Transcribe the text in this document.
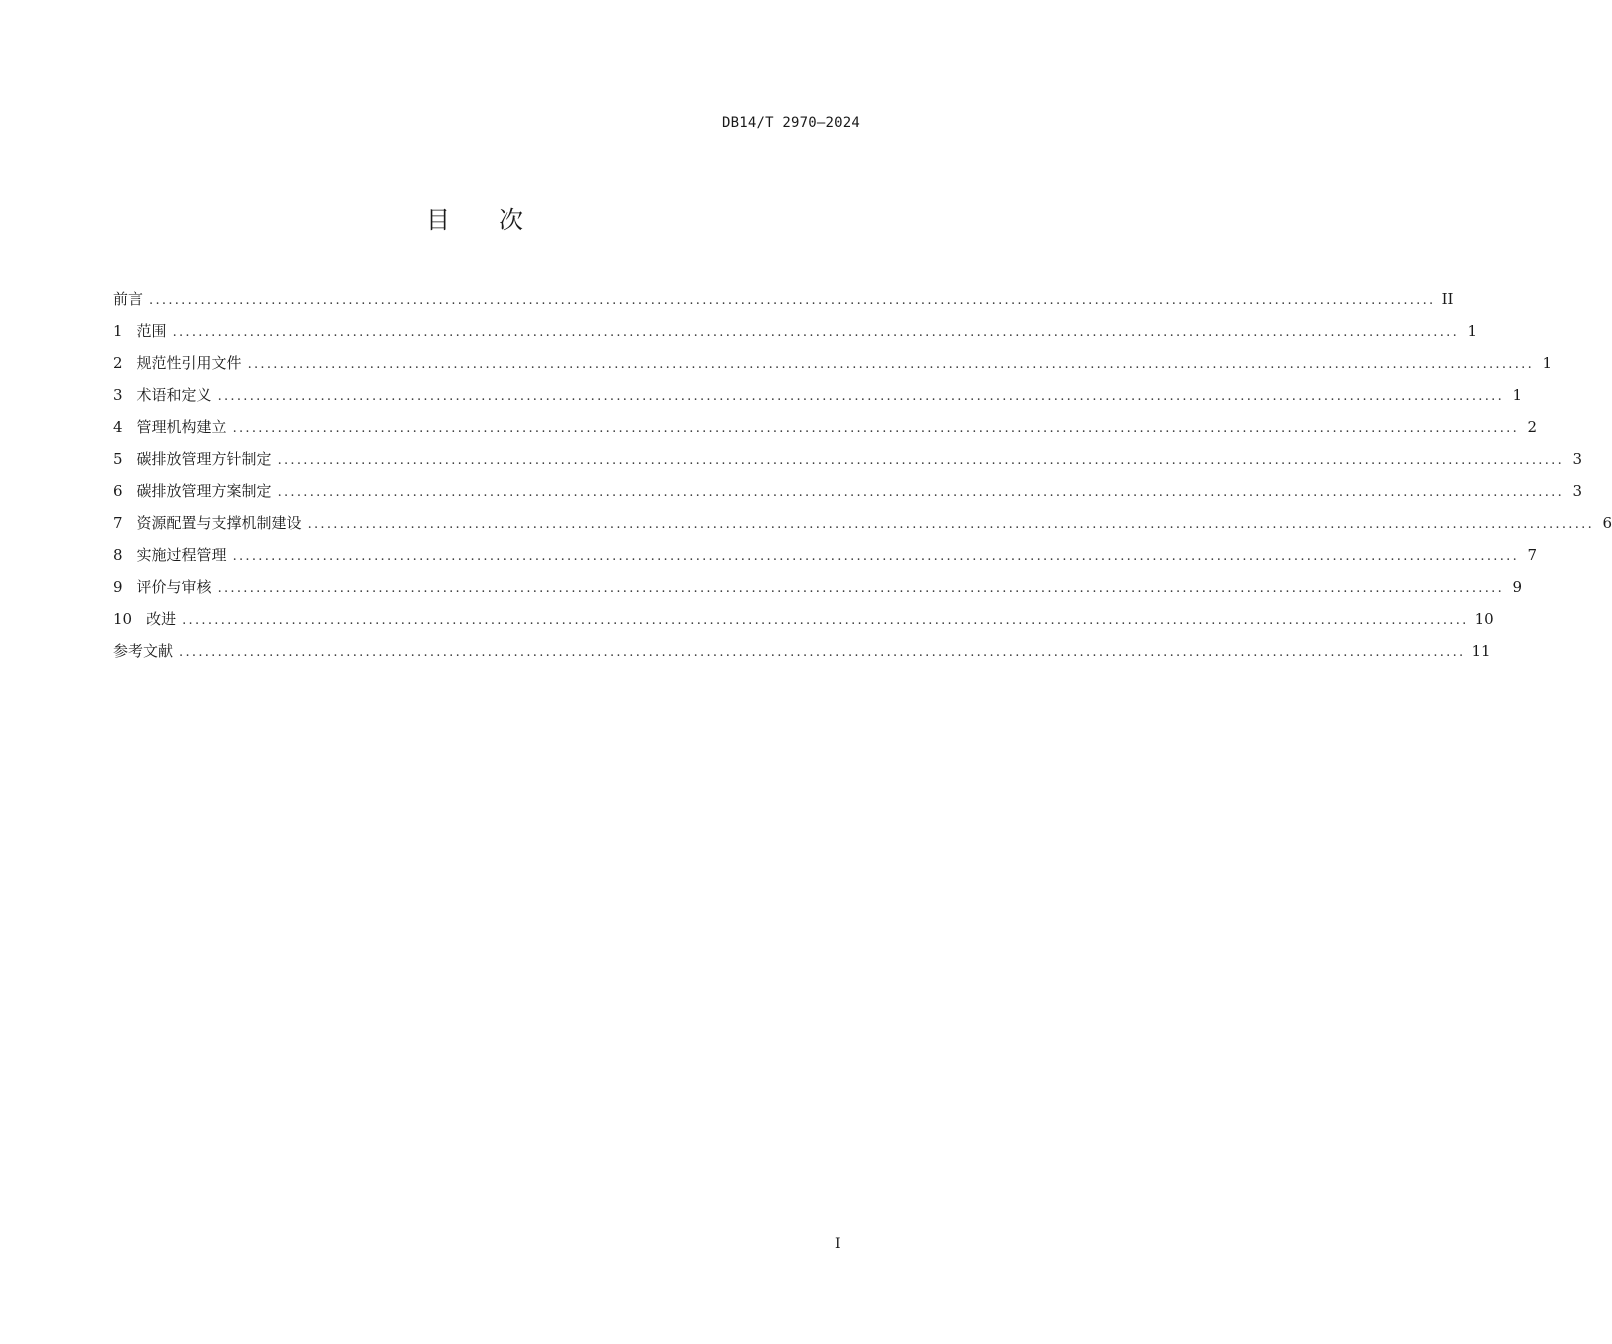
DB14/T 2970—2024
目 次
前言 ........................................................................................................................................................................................................ II
1 范围 ........................................................................................................................................................................................................ 1
2 规范性引用文件 ........................................................................................................................................................................................................ 1
3 术语和定义 ........................................................................................................................................................................................................ 1
4 管理机构建立 ........................................................................................................................................................................................................ 2
5 碳排放管理方针制定 ........................................................................................................................................................................................................ 3
6 碳排放管理方案制定 ........................................................................................................................................................................................................ 3
7 资源配置与支撑机制建设 ........................................................................................................................................................................................................ 6
8 实施过程管理 ........................................................................................................................................................................................................ 7
9 评价与审核 ........................................................................................................................................................................................................ 9
10 改进 ........................................................................................................................................................................................................ 10
参考文献 ........................................................................................................................................................................................................ 11
I
